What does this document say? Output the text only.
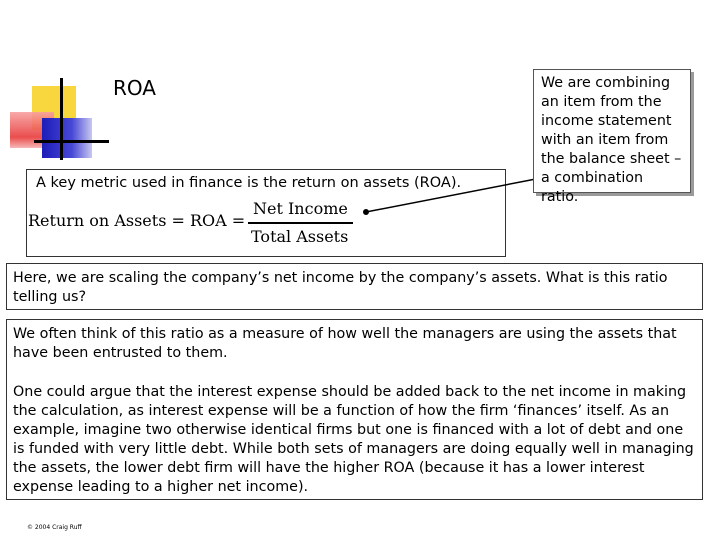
ROA
A key metric used in finance is the return on assets (ROA).
Return on Assets = ROA =
Net Income
Total Assets
We are combining an item from the income statement with an item from the balance sheet – a combination ratio.
Here, we are scaling the company’s net income by the company’s assets. What is this ratio telling us?

We often think of this ratio as a measure of how well the managers are using the assets that have been entrusted to them.

One could argue that the interest expense should be added back to the net income in making the calculation, as interest expense will be a function of how the firm ‘finances’ itself. As an example, imagine two otherwise identical firms but one is financed with a lot of debt and one is funded with very little debt. While both sets of managers are doing equally well in managing the assets, the lower debt firm will have the higher ROA (because it has a lower interest expense leading to a higher net income).

© 2004 Craig Ruff
